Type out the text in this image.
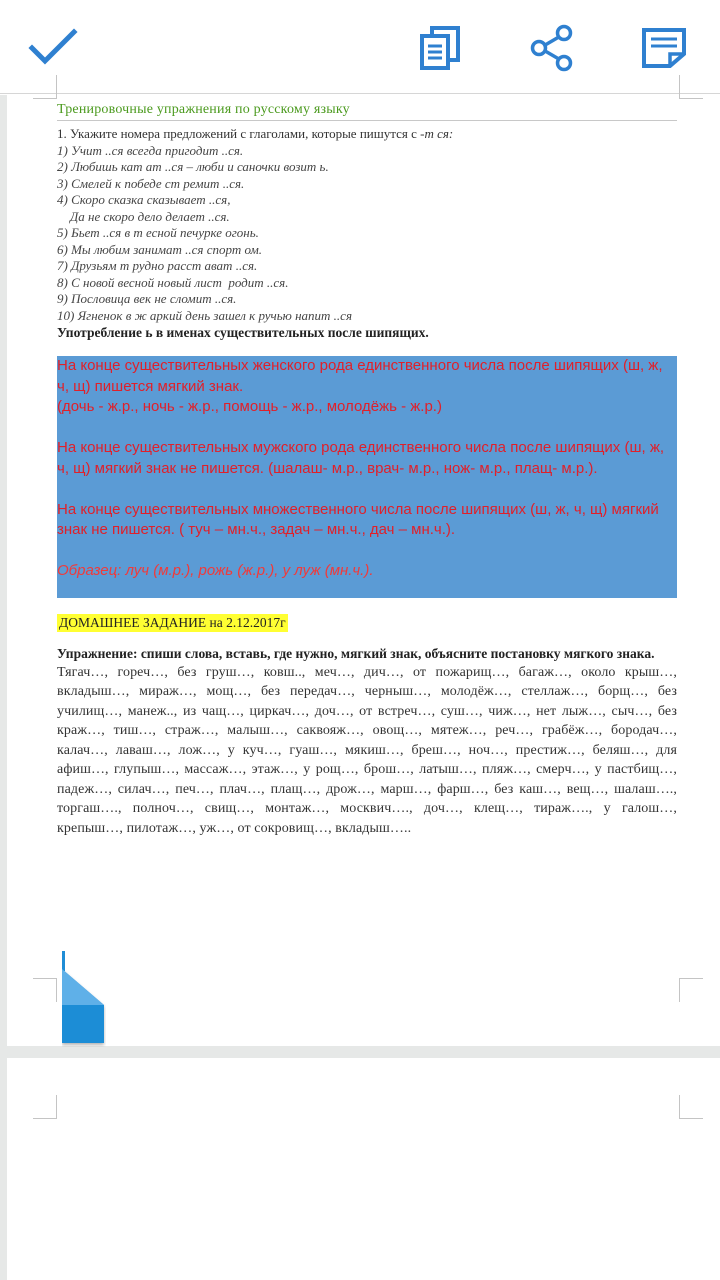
Тренировочные упражнения по русскому языку
1. Укажите номера предложений с глаголами, которые пишутся с -т ся:
1) Учит ..ся всегда пригодит ..ся.
2) Любишь кат ат ..ся – люби и саночки возит ь.
3) Смелей к победе ст ремит ..ся.
4) Скоро сказка сказывает ..ся,
Да не скоро дело делает ..ся.
5) Бьет ..ся в т есной печурке огонь.
6) Мы любим занимат ..ся спорт ом.
7) Друзьям т рудно расст ават ..ся.
8) С новой весной новый лист  родит ..ся.
9) Пословица век не сломит ..ся.
10) Ягненок в ж аркий день зашел к ручью напит ..ся
Употребление ь в именах существительных после шипящих.

На конце существительных женского рода единственного числа после шипящих (ш, ж, ч, щ) пишется мягкий знак.

(дочь - ж.р., ночь - ж.р., помощь - ж.р., молодёжь - ж.р.)

На конце существительных мужского рода единственного числа после шипящих (ш, ж, ч, щ) мягкий знак не пишется. (шалаш- м.р., врач- м.р., нож- м.р., плащ- м.р.).

На конце существительных множественного числа после шипящих (ш, ж, ч, щ) мягкий знак не пишется. ( туч – мн.ч., задач – мн.ч., дач – мн.ч.).

Образец: луч (м.р.), рожь (ж.р.), у луж (мн.ч.).

ДОМАШНЕЕ ЗАДАНИЕ на 2.12.2017г
Упражнение: спиши слова, вставь, где нужно, мягкий знак, объясните постановку мягкого знака.
Тягач…, гореч…, без груш…, ковш.., меч…, дич…, от пожарищ…, багаж…, около крыш…, вкладыш…, мираж…, мощ…, без передач…, черныш…, молодёж…, стеллаж…, борщ…, без училищ…, манеж.., из чащ…, циркач…, доч…, от встреч…, суш…, чиж…, нет лыж…, сыч…, без краж…, тиш…, страж…, малыш…, саквояж…, овощ…, мятеж…, реч…, грабёж…, бородач…, калач…, лаваш…, лож…, у куч…, гуаш…, мякиш…, бреш…, ноч…, престиж…, беляш…, для афиш…, глупыш…, массаж…, этаж…, у рощ…, брош…, латыш…, пляж…, смерч…, у пастбищ…, падеж…, силач…, печ…, плач…, плащ…, дрож…, марш…, фарш…, без каш…, вещ…, шалаш…., торгаш…., полноч…, свищ…, монтаж…, москвич…., доч…, клещ…, тираж…., у галош…, крепыш…, пилотаж…, уж…, от сокровищ…, вкладыш…..
